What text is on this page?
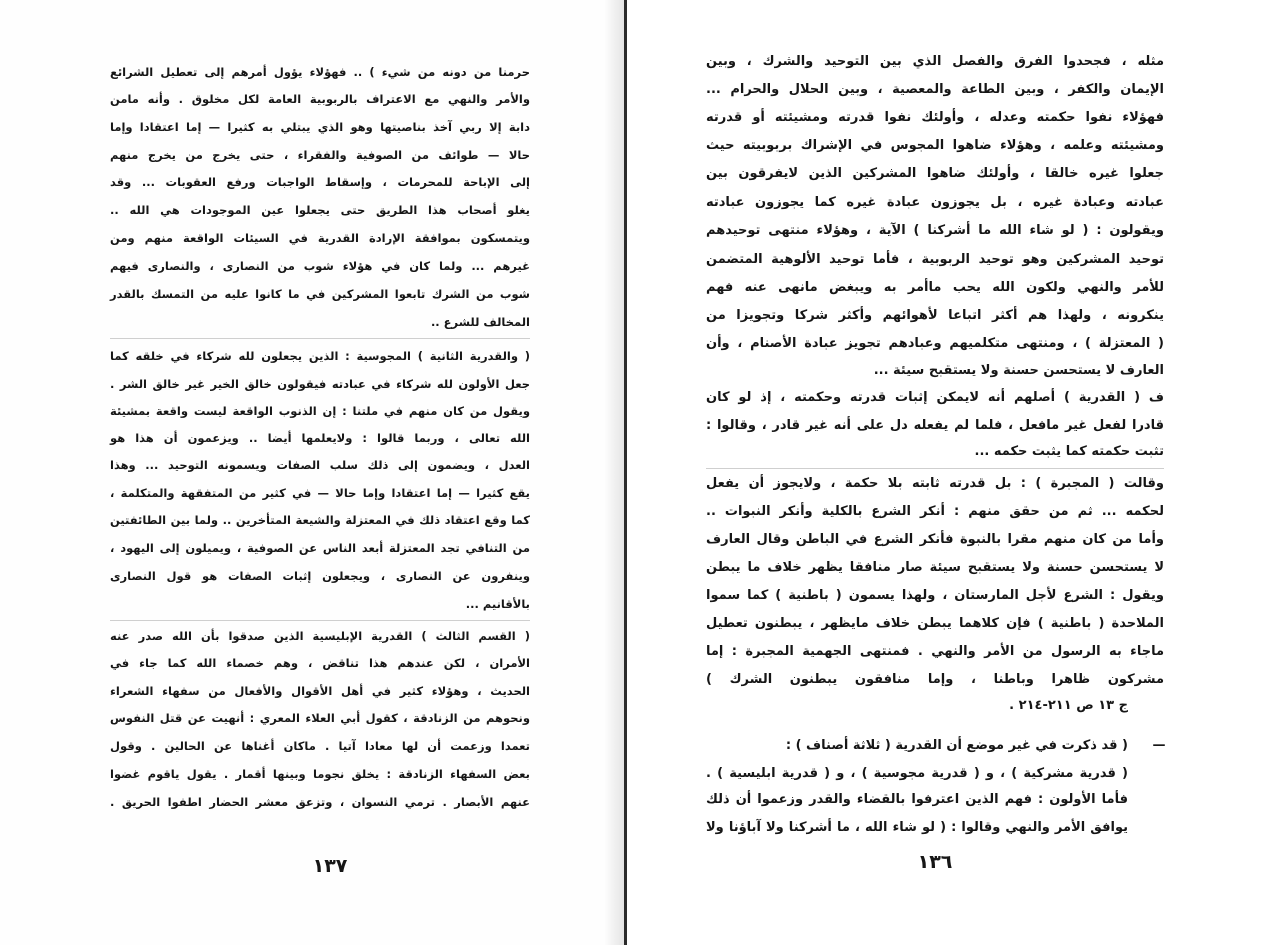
حرمنا من دونه من شيء ) .. فهؤلاء يؤول أمرهم إلى تعطيل الشرائع
والأمر والنهي مع الاعتراف بالربوبية العامة لكل مخلوق . وأنه مامن
دابة إلا ربي آخذ بناصيتها وهو الذي يبتلي به كثيرا — إما اعتقادا وإما
حالا — طوائف من الصوفية والفقراء ، حتى يخرج من يخرج منهم
إلى الإباحة للمحرمات ، وإسقاط الواجبات ورفع العقوبات ... وقد
يغلو أصحاب هذا الطريق حتى يجعلوا عين الموجودات هي الله ..
ويتمسكون بموافقة الإرادة القدرية في السيئات الواقعة منهم ومن
غيرهم ... ولما كان في هؤلاء شوب من النصارى ، والنصارى فيهم
شوب من الشرك تابعوا المشركين في ما كانوا عليه من التمسك بالقدر
المخالف للشرع ..
( والقدرية الثانية ) المجوسية : الذين يجعلون لله شركاء في خلقه كما
جعل الأولون لله شركاء في عبادته فيقولون خالق الخير غير خالق الشر .
ويقول من كان منهم في ملتنا : إن الذنوب الواقعة ليست واقعة بمشيئة
الله تعالى ، وربما قالوا : ولايعلمها أيضا .. ويزعمون أن هذا هو
العدل ، ويضمون إلى ذلك سلب الصفات ويسمونه التوحيد ... وهذا
يقع كثيرا — إما اعتقادا وإما حالا — في كثير من المتفقهة والمتكلمة ،
كما وقع اعتقاد ذلك في المعتزلة والشيعة المتأخرين .. ولما بين الطائفتين
من التنافي تجد المعتزلة أبعد الناس عن الصوفية ، ويميلون إلى اليهود ،
وينفرون عن النصارى ، ويجعلون إثبات الصفات هو قول النصارى
بالأقانيم ...
( القسم الثالث ) القدرية الإبليسية الذين صدقوا بأن الله صدر عنه
الأمران ، لكن عندهم هذا تناقض ، وهم خصماء الله كما جاء في
الحديث ، وهؤلاء كثير في أهل الأقوال والأفعال من سفهاء الشعراء
ونحوهم من الزنادقة ، كقول أبي العلاء المعري : أنهيت عن قتل النفوس
تعمدا وزعمت أن لها معادا آتيا . ماكان أغناها عن الحالين . وقول
بعض السفهاء الزنادقة : يخلق نجوما وبينها أقمار . يقول ياقوم غضوا
عنهم الأبصار . ترمي النسوان ، وتزعق معشر الحضار اطفوا الحريق .
١٣٧
مثله ، فجحدوا الفرق والفصل الذي بين التوحيد والشرك ، وبين
الإيمان والكفر ، وبين الطاعة والمعصية ، وبين الحلال والحرام ...
فهؤلاء نفوا حكمته وعدله ، وأولئك نفوا قدرته ومشيئته أو قدرته
ومشيئته وعلمه ، وهؤلاء ضاهوا المجوس في الإشراك بربوبيته حيث
جعلوا غيره خالقا ، وأولئك ضاهوا المشركين الذين لايفرقون بين
عبادته وعبادة غيره ، بل يجوزون عبادة غيره كما يجوزون عبادته
ويقولون : ( لو شاء الله ما أشركنا ) الآية ، وهؤلاء منتهى توحيدهم
توحيد المشركين وهو توحيد الربوبية ، فأما توحيد الألوهية المتضمن
للأمر والنهي ولكون الله يحب ماأمر به ويبغض مانهى عنه فهم
ينكرونه ، ولهذا هم أكثر اتباعا لأهوائهم وأكثر شركا وتجويزا من
( المعتزلة ) ، ومنتهى متكلميهم وعبادهم تجويز عبادة الأصنام ، وأن
العارف لا يستحسن حسنة ولا يستقبح سيئة ...
ف ( القدرية ) أصلهم أنه لايمكن إثبات قدرته وحكمته ، إذ لو كان
قادرا لفعل غير مافعل ، فلما لم يفعله دل على أنه غير قادر ، وقالوا :
تثبت حكمته كما يثبت حكمه ...
وقالت ( المجبرة ) : بل قدرته ثابته بلا حكمة ، ولايجوز أن يفعل
لحكمه ... ثم من حقق منهم : أنكر الشرع بالكلية وأنكر النبوات ..
وأما من كان منهم مقرا بالنبوة فأنكر الشرع في الباطن وقال العارف
لا يستحسن حسنة ولا يستقبح سيئة صار منافقا يظهر خلاف ما يبطن
ويقول : الشرع لأجل المارستان ، ولهذا يسمون ( باطنية ) كما سموا
الملاحدة ( باطنية ) فإن كلاهما يبطن خلاف مايظهر ، يبطنون تعطيل
ماجاء به الرسول من الأمر والنهي . فمنتهى الجهمية المجبرة : إما
مشركون ظاهرا وباطنا ، وإما منافقون يبطنون الشرك )
ج ١٣ ص ٢١١-٢١٤ .
—
( قد ذكرت في غير موضع أن القدرية ( ثلاثة أصناف ) :
( قدرية مشركية ) ، و ( قدرية مجوسية ) ، و ( قدرية ابليسية ) .
فأما الأولون : فهم الذين اعترفوا بالقضاء والقدر وزعموا أن ذلك
يوافق الأمر والنهي وقالوا : ( لو شاء الله ، ما أشركنا ولا آباؤنا ولا
١٣٦
